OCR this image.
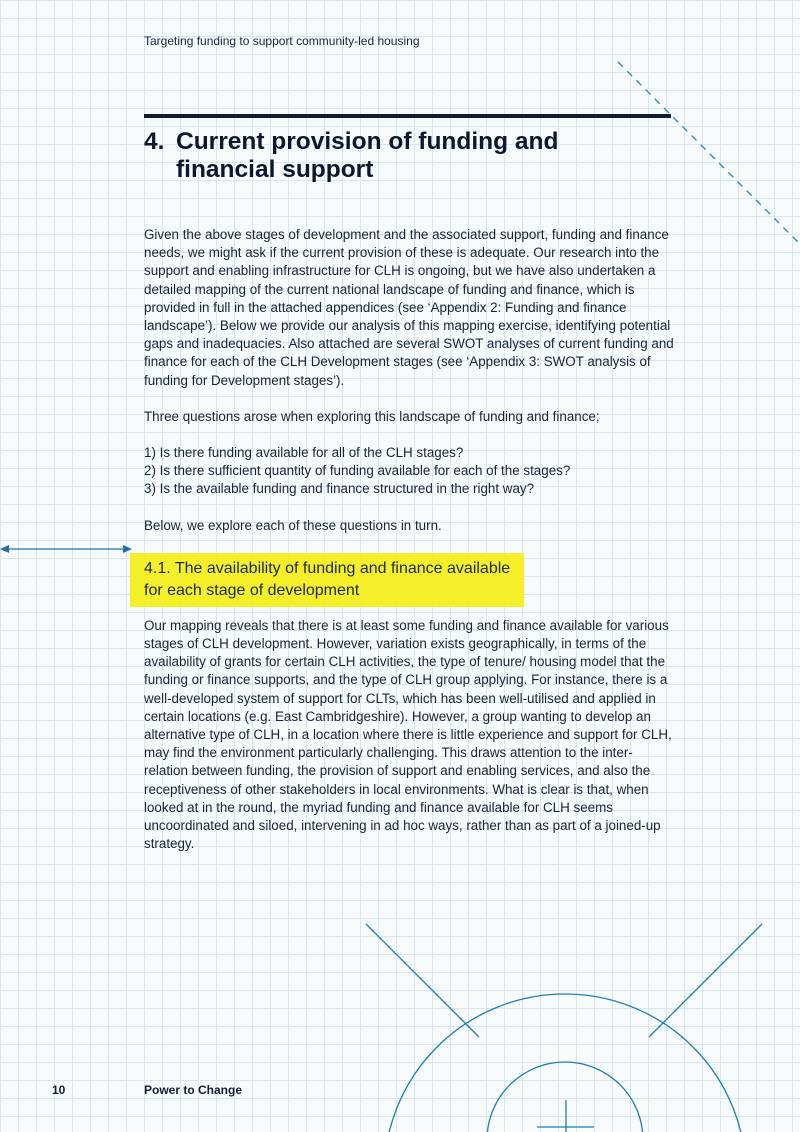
Targeting funding to support community-led housing
4. Current provision of funding and
financial support

Given the above stages of development and the associated support, funding and finance needs, we might ask if the current provision of these is adequate. Our research into the support and enabling infrastructure for CLH is ongoing, but we have also undertaken a detailed mapping of the current national landscape of funding and finance, which is provided in full in the attached appendices (see ‘Appendix 2: Funding and finance landscape’). Below we provide our analysis of this mapping exercise, identifying potential gaps and inadequacies. Also attached are several SWOT analyses of current funding and finance for each of the CLH Development stages (see ‘Appendix 3: SWOT analysis of funding for Development stages’).

Three questions arose when exploring this landscape of funding and finance;

1) Is there funding available for all of the CLH stages?
2) Is there sufficient quantity of funding available for each of the stages?
3) Is the available funding and finance structured in the right way?

Below, we explore each of these questions in turn.

4.1. The availability of funding and finance available
for each stage of development

Our mapping reveals that there is at least some funding and finance available for various stages of CLH development. However, variation exists geographically, in terms of the availability of grants for certain CLH activities, the type of tenure/ housing model that the funding or finance supports, and the type of CLH group applying. For instance, there is a well-developed system of support for CLTs, which has been well-utilised and applied in certain locations (e.g. East Cambridgeshire). However, a group wanting to develop an alternative type of CLH, in a location where there is little experience and support for CLH, may find the environment particularly challenging. This draws attention to the inter-relation between funding, the provision of support and enabling services, and also the receptiveness of other stakeholders in local environments. What is clear is that, when looked at in the round, the myriad funding and finance available for CLH seems uncoordinated and siloed, intervening in ad hoc ways, rather than as part of a joined-up strategy.

10	Power to Change
